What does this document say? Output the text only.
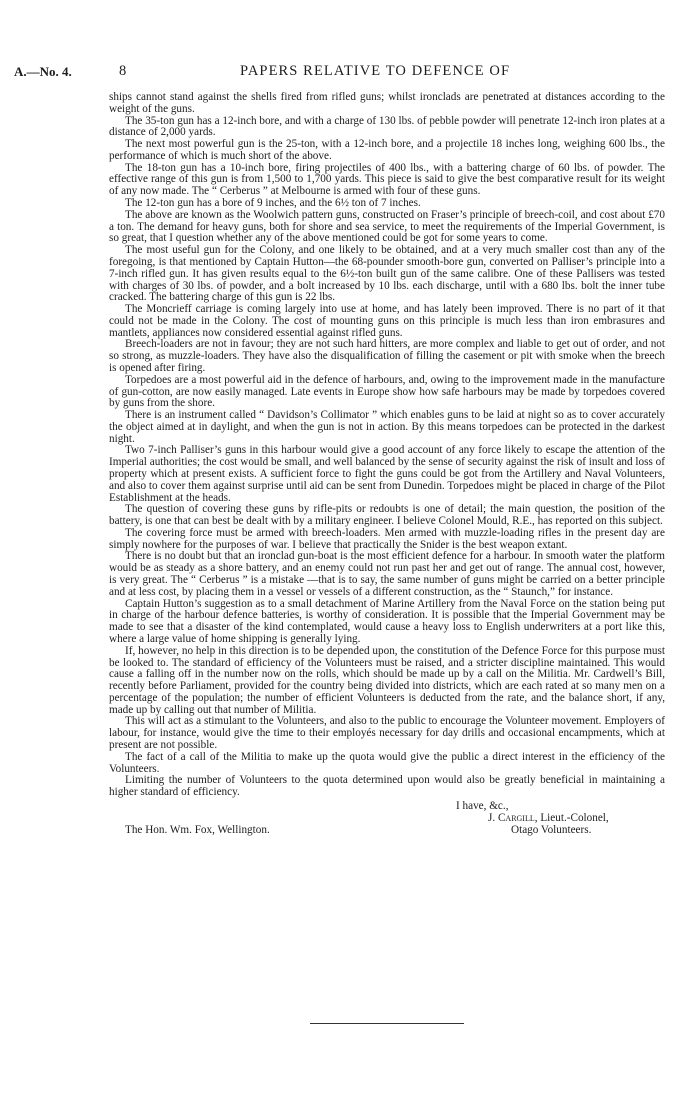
A.—No. 4.	8	PAPERS RELATIVE TO DEFENCE OF

ships cannot stand against the shells fired from rifled guns; whilst ironclads are penetrated at distances according to the weight of the guns.

The 35-ton gun has a 12-inch bore, and with a charge of 130 lbs. of pebble powder will penetrate 12-inch iron plates at a distance of 2,000 yards.

The next most powerful gun is the 25-ton, with a 12-inch bore, and a projectile 18 inches long, weighing 600 lbs., the performance of which is much short of the above.

The 18-ton gun has a 10-inch bore, firing projectiles of 400 lbs., with a battering charge of 60 lbs. of powder. The effective range of this gun is from 1,500 to 1,700 yards. This piece is said to give the best comparative result for its weight of any now made. The “ Cerberus ” at Melbourne is armed with four of these guns.

The 12-ton gun has a bore of 9 inches, and the 6½ ton of 7 inches.

The above are known as the Woolwich pattern guns, constructed on Fraser’s principle of breech-coil, and cost about £70 a ton. The demand for heavy guns, both for shore and sea service, to meet the requirements of the Imperial Government, is so great, that I question whether any of the above mentioned could be got for some years to come.

The most useful gun for the Colony, and one likely to be obtained, and at a very much smaller cost than any of the foregoing, is that mentioned by Captain Hutton—the 68-pounder smooth-bore gun, converted on Palliser’s principle into a 7-inch rifled gun. It has given results equal to the 6½-ton built gun of the same calibre. One of these Pallisers was tested with charges of 30 lbs. of powder, and a bolt increased by 10 lbs. each discharge, until with a 680 lbs. bolt the inner tube cracked. The battering charge of this gun is 22 lbs.

The Moncrieff carriage is coming largely into use at home, and has lately been improved. There is no part of it that could not be made in the Colony. The cost of mounting guns on this principle is much less than iron embrasures and mantlets, appliances now considered essential against rifled guns.

Breech-loaders are not in favour; they are not such hard hitters, are more complex and liable to get out of order, and not so strong, as muzzle-loaders. They have also the disqualification of filling the casement or pit with smoke when the breech is opened after firing.

Torpedoes are a most powerful aid in the defence of harbours, and, owing to the improvement made in the manufacture of gun-cotton, are now easily managed. Late events in Europe show how safe harbours may be made by torpedoes covered by guns from the shore.

There is an instrument called “ Davidson’s Collimator ” which enables guns to be laid at night so as to cover accurately the object aimed at in daylight, and when the gun is not in action. By this means torpedoes can be protected in the darkest night.

Two 7-inch Palliser’s guns in this harbour would give a good account of any force likely to escape the attention of the Imperial authorities; the cost would be small, and well balanced by the sense of security against the risk of insult and loss of property which at present exists. A sufficient force to fight the guns could be got from the Artillery and Naval Volunteers, and also to cover them against surprise until aid can be sent from Dunedin. Torpedoes might be placed in charge of the Pilot Establishment at the heads.

The question of covering these guns by rifle-pits or redoubts is one of detail; the main question, the position of the battery, is one that can best be dealt with by a military engineer. I believe Colonel Mould, R.E., has reported on this subject.

The covering force must be armed with breech-loaders. Men armed with muzzle-loading rifles in the present day are simply nowhere for the purposes of war. I believe that practically the Snider is the best weapon extant.

There is no doubt but that an ironclad gun-boat is the most efficient defence for a harbour. In smooth water the platform would be as steady as a shore battery, and an enemy could not run past her and get out of range. The annual cost, however, is very great. The “ Cerberus ” is a mistake —that is to say, the same number of guns might be carried on a better principle and at less cost, by placing them in a vessel or vessels of a different construction, as the “ Staunch,” for instance.

Captain Hutton’s suggestion as to a small detachment of Marine Artillery from the Naval Force on the station being put in charge of the harbour defence batteries, is worthy of consideration. It is possible that the Imperial Government may be made to see that a disaster of the kind contemplated, would cause a heavy loss to English underwriters at a port like this, where a large value of home shipping is generally lying.

If, however, no help in this direction is to be depended upon, the constitution of the Defence Force for this purpose must be looked to. The standard of efficiency of the Volunteers must be raised, and a stricter discipline maintained. This would cause a falling off in the number now on the rolls, which should be made up by a call on the Militia. Mr. Cardwell’s Bill, recently before Parliament, provided for the country being divided into districts, which are each rated at so many men on a percentage of the population; the number of efficient Volunteers is deducted from the rate, and the balance short, if any, made up by calling out that number of Militia.

This will act as a stimulant to the Volunteers, and also to the public to encourage the Volunteer movement. Employers of labour, for instance, would give the time to their employés necessary for day drills and occasional encampments, which at present are not possible.

The fact of a call of the Militia to make up the quota would give the public a direct interest in the efficiency of the Volunteers.

Limiting the number of Volunteers to the quota determined upon would also be greatly beneficial in maintaining a higher standard of efficiency.

I have, &c.,
J. Cargill, Lieut.-Colonel,
Otago Volunteers.
The Hon. Wm. Fox, Wellington.
